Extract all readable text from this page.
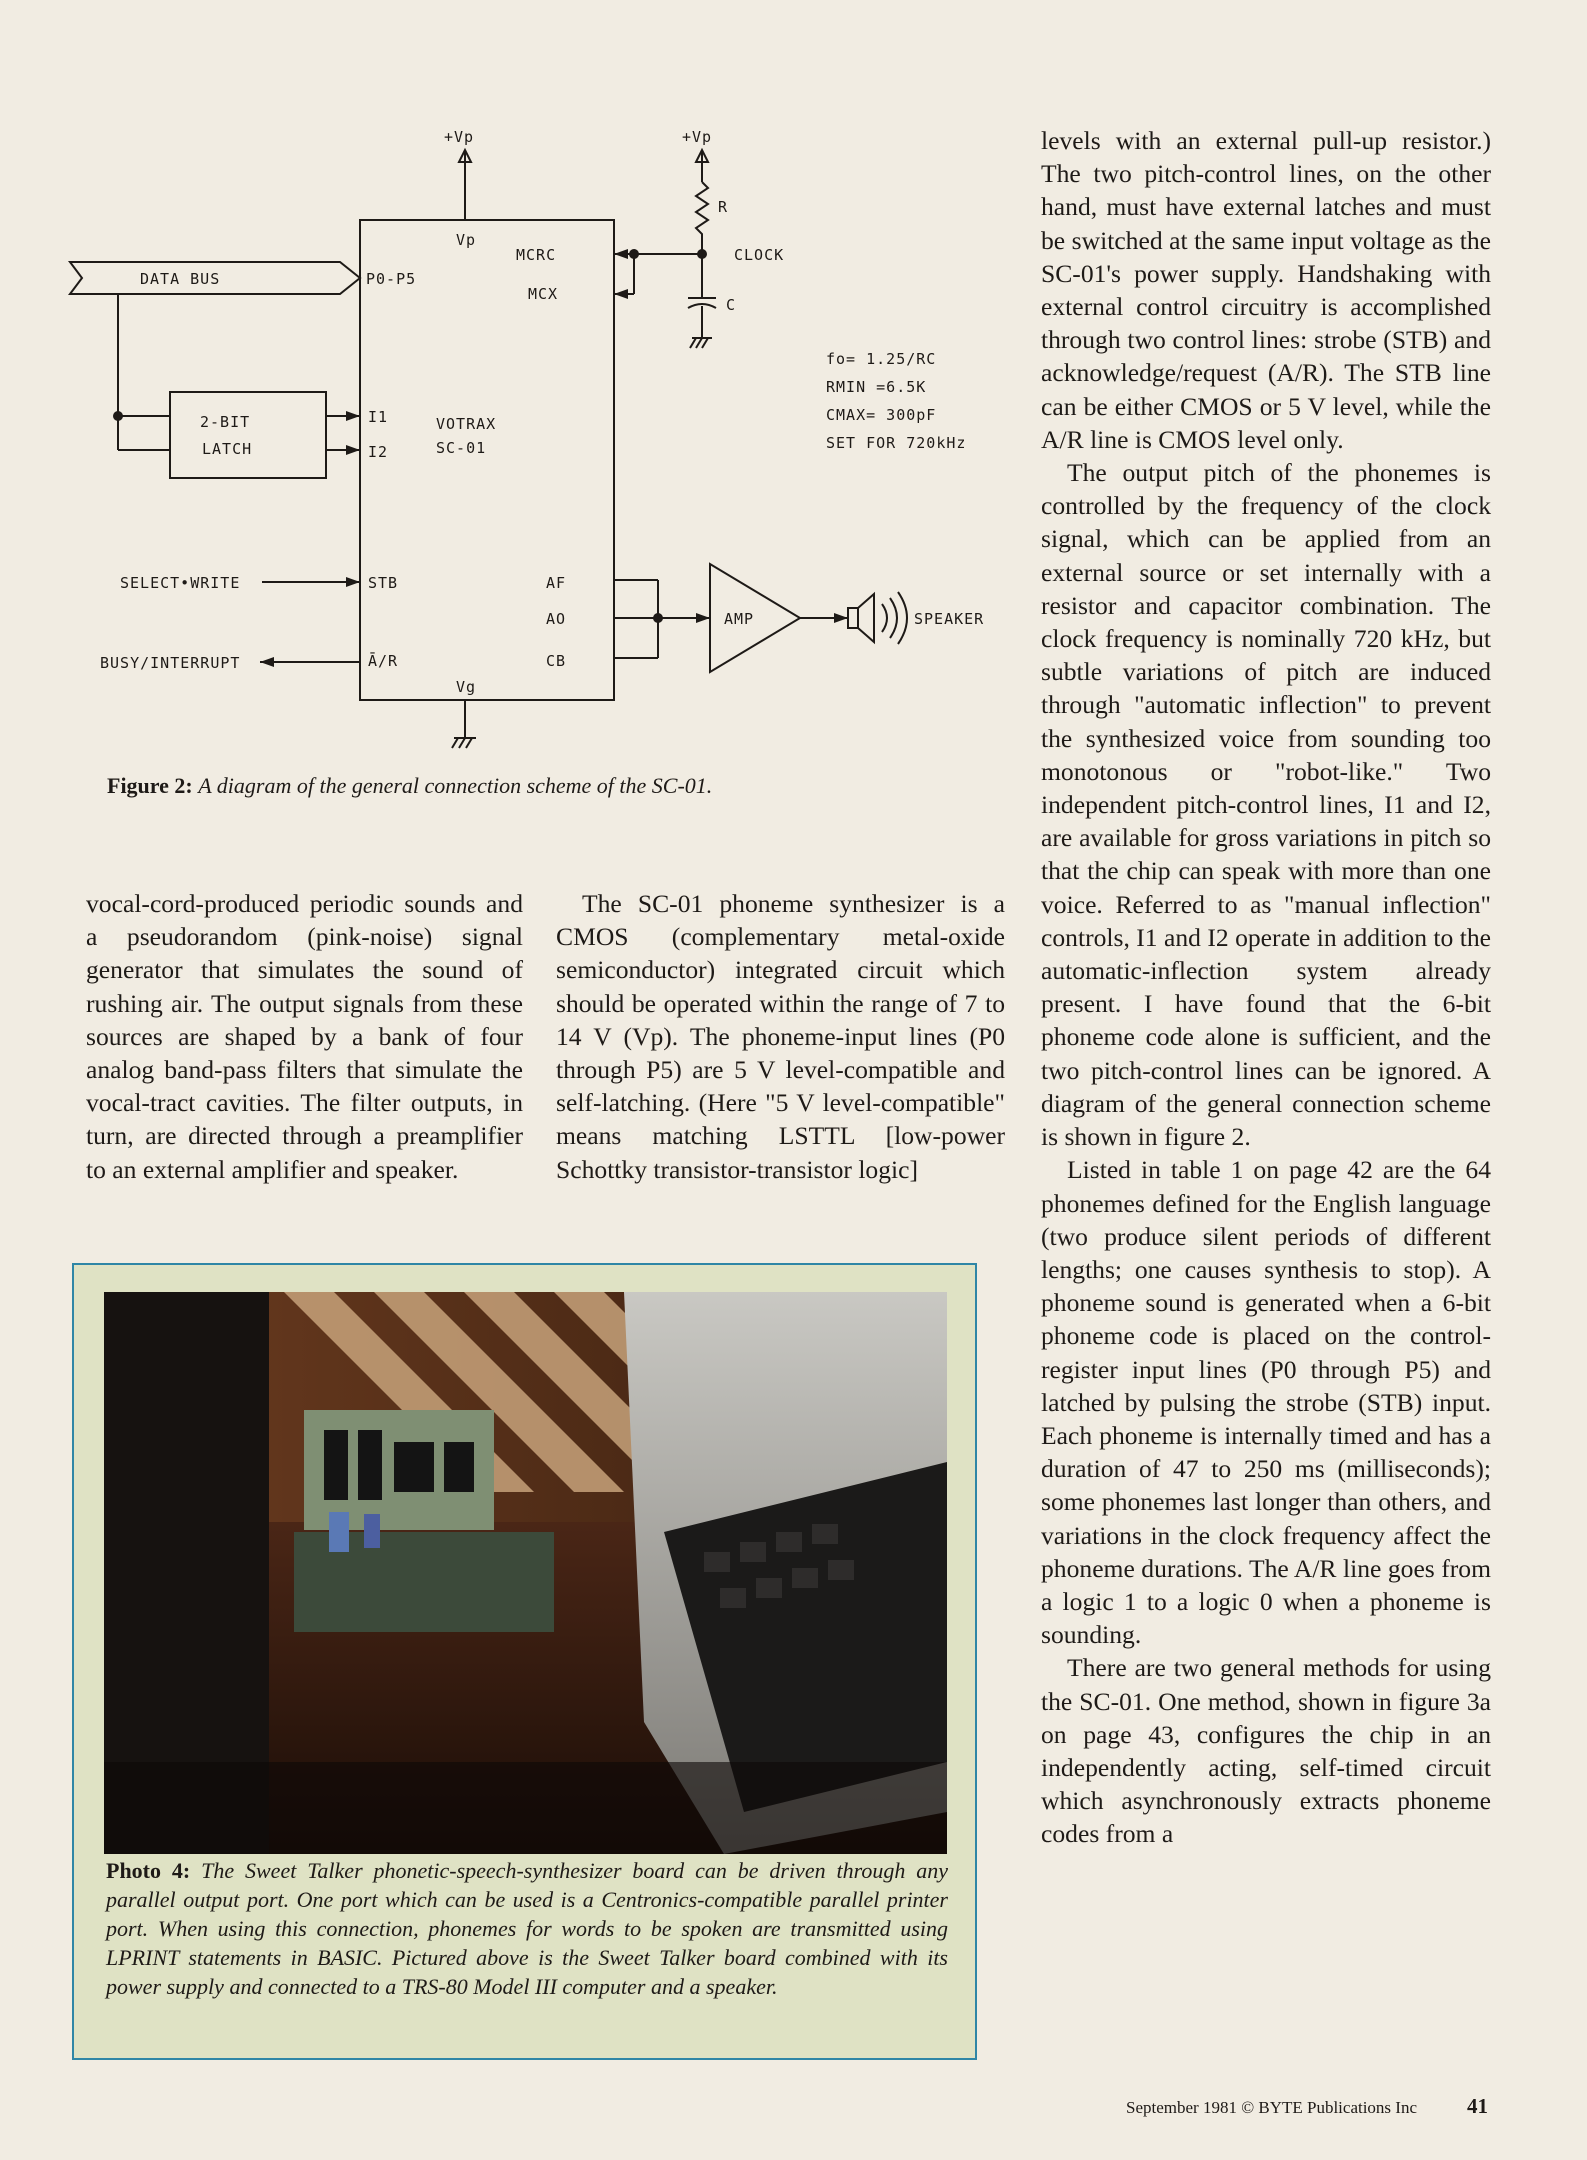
+Vp	+Vp
R
Vp
MCRC
MCX
CLOCK
C
DATA BUS	P0-P5
2-BIT
LATCH
I1
I2
VOTRAX
SC-01
fo= 1.25/RC
RMIN =6.5K
CMAX= 300pF
SET FOR 720kHz
SELECT•WRITE	STB	AF
AO	AMP	SPEAKER
BUSY/INTERRUPT	Ā/R	CB
Vg
Figure 2: A diagram of the general connection scheme of the SC-01.

vocal-cord-produced periodic sounds and a pseudorandom (pink-noise) signal generator that simulates the sound of rushing air. The output signals from these sources are shaped by a bank of four analog band-pass filters that simulate the vocal-tract cavities. The filter outputs, in turn, are directed through a preamplifier to an external amplifier and speaker.

The SC-01 phoneme synthesizer is a CMOS (complementary metal-oxide semiconductor) integrated circuit which should be operated within the range of 7 to 14 V (Vp). The phoneme-input lines (P0 through P5) are 5 V level-compatible and self-latching. (Here "5 V level-compatible" means matching LSTTL [low-power Schottky transistor-transistor logic]

levels with an external pull-up resistor.) The two pitch-control lines, on the other hand, must have external latches and must be switched at the same input voltage as the SC-01's power supply. Handshaking with external control circuitry is accomplished through two control lines: strobe (STB) and acknowledge/request (A/R). The STB line can be either CMOS or 5 V level, while the A/R line is CMOS level only.

The output pitch of the phonemes is controlled by the frequency of the clock signal, which can be applied from an external source or set internally with a resistor and capacitor combination. The clock frequency is nominally 720 kHz, but subtle variations of pitch are induced through "automatic inflection" to prevent the synthesized voice from sounding too monotonous or "robot-like." Two independent pitch-control lines, I1 and I2, are available for gross variations in pitch so that the chip can speak with more than one voice. Referred to as "manual inflection" controls, I1 and I2 operate in addition to the automatic-inflection system already present. I have found that the 6-bit phoneme code alone is sufficient, and the two pitch-control lines can be ignored. A diagram of the general connection scheme is shown in figure 2.

Listed in table 1 on page 42 are the 64 phonemes defined for the English language (two produce silent periods of different lengths; one causes synthesis to stop). A phoneme sound is generated when a 6-bit phoneme code is placed on the control-register input lines (P0 through P5) and latched by pulsing the strobe (STB) input. Each phoneme is internally timed and has a duration of 47 to 250 ms (milliseconds); some phonemes last longer than others, and variations in the clock frequency affect the phoneme durations. The A/R line goes from a logic 1 to a logic 0 when a phoneme is sounding.

There are two general methods for using the SC-01. One method, shown in figure 3a on page 43, configures the chip in an independently acting, self-timed circuit which asynchronously extracts phoneme codes from a

Photo 4: The Sweet Talker phonetic-speech-synthesizer board can be driven through any parallel output port. One port which can be used is a Centronics-compatible parallel printer port. When using this connection, phonemes for words to be spoken are transmitted using LPRINT statements in BASIC. Pictured above is the Sweet Talker board combined with its power supply and connected to a TRS-80 Model III computer and a speaker.
September 1981 © BYTE Publications Inc 41
